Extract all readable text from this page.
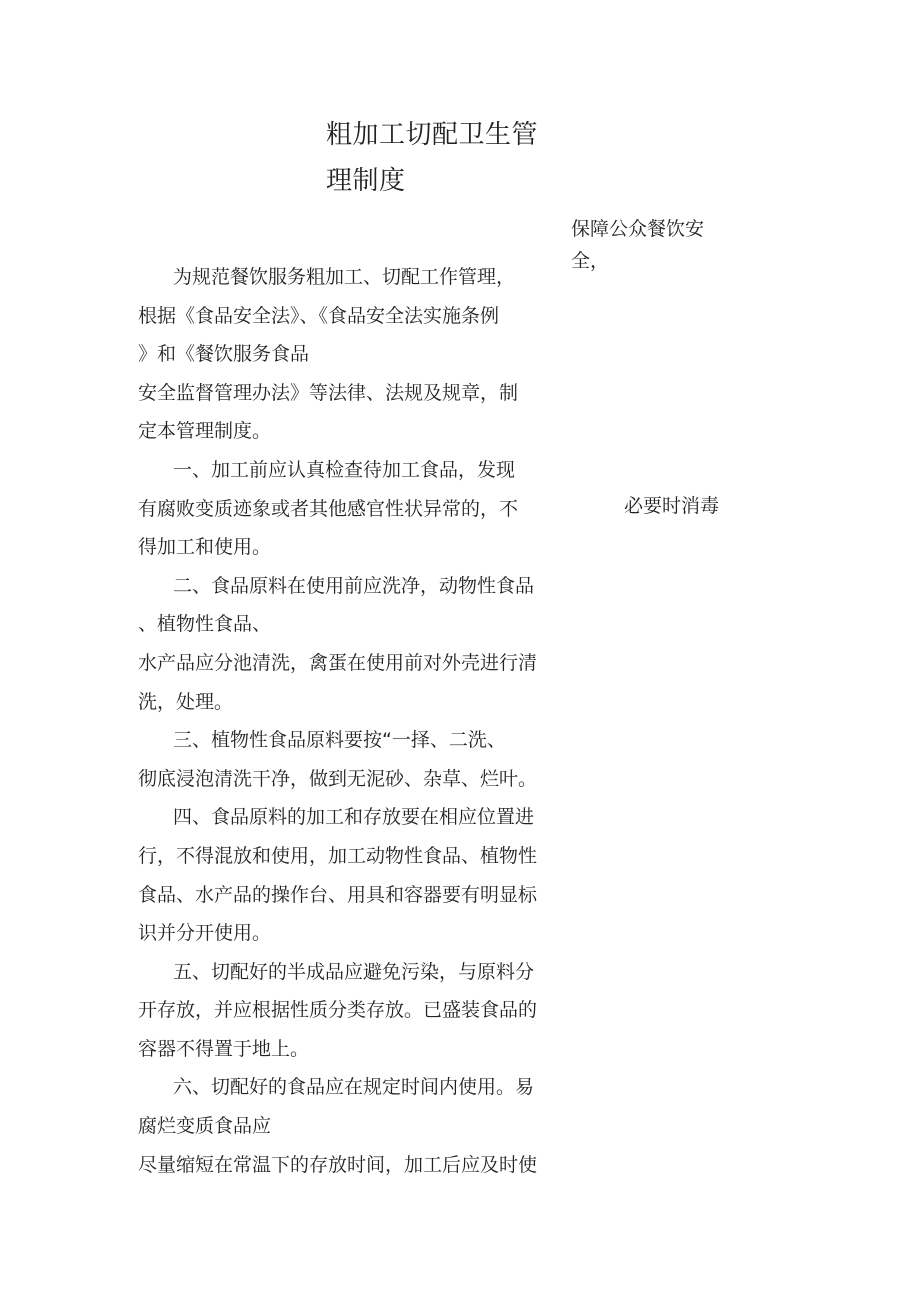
粗加工切配卫生管
理制度
保障公众餐饮安
全，
必要时消毒
为规范餐饮服务粗加工、切配工作管理，
根据《食品安全法》、《食品安全法实施条例
》和《餐饮服务食品
安全监督管理办法》等法律、法规及规章，制
定本管理制度。
一、加工前应认真检查待加工食品，发现
有腐败变质迹象或者其他感官性状异常的，不
得加工和使用。
二、食品原料在使用前应洗净，动物性食品
、植物性食品、
水产品应分池清洗，禽蛋在使用前对外壳进行清
洗，处理。
三、植物性食品原料要按“一择、二洗、
彻底浸泡清洗干净，做到无泥砂、杂草、烂叶。
四、食品原料的加工和存放要在相应位置进
行，不得混放和使用，加工动物性食品、植物性
食品、水产品的操作台、用具和容器要有明显标
识并分开使用。
五、切配好的半成品应避免污染，与原料分
开存放，并应根据性质分类存放。已盛装食品的
容器不得置于地上。
六、切配好的食品应在规定时间内使用。易
腐烂变质食品应
尽量缩短在常温下的存放时间，加工后应及时使
